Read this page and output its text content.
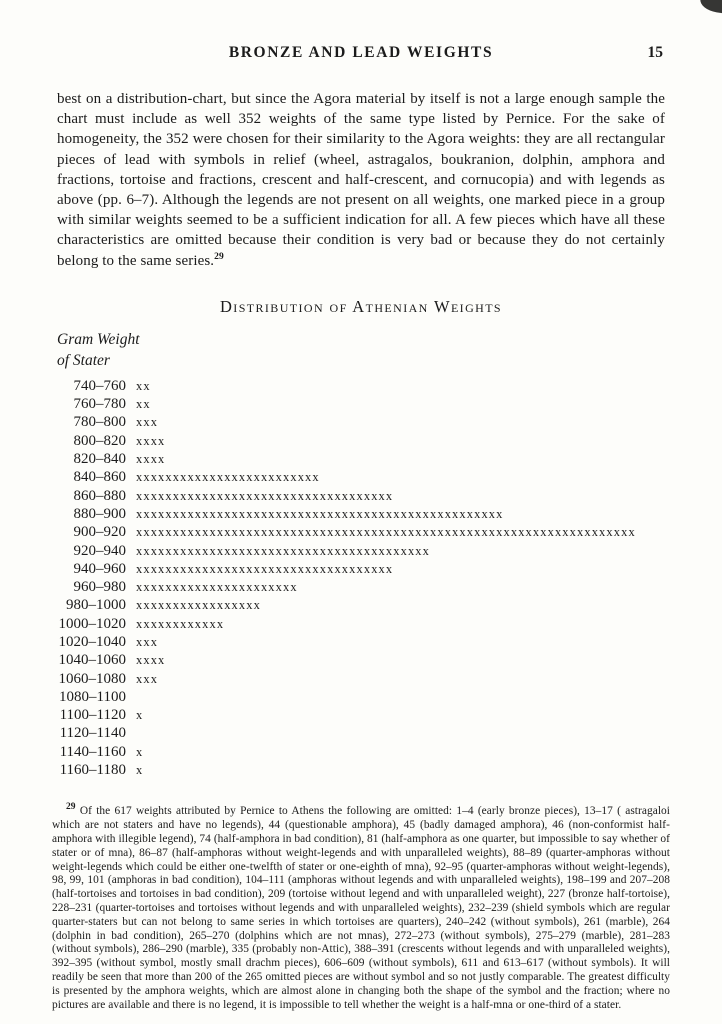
BRONZE AND LEAD WEIGHTS	15

best on a distribution-chart, but since the Agora material by itself is not a large enough sample the chart must include as well 352 weights of the same type listed by Pernice. For the sake of homogeneity, the 352 were chosen for their similarity to the Agora weights: they are all rectangular pieces of lead with symbols in relief (wheel, astragalos, boukranion, dolphin, amphora and fractions, tortoise and fractions, crescent and half-crescent, and cornucopia) and with legends as above (pp. 6–7). Although the legends are not present on all weights, one marked piece in a group with similar weights seemed to be a sufficient indication for all. A few pieces which have all these characteristics are omitted because their condition is very bad or because they do not certainly belong to the same series.$^{29}$

Distribution of Athenian Weights
Gram Weight
of Stater
740–760 xx
760–780 xx
780–800 xxx
800–820 xxxx
820–840 xxxx
840–860 xxxxxxxxxxxxxxxxxxxxxxxxx
860–880 xxxxxxxxxxxxxxxxxxxxxxxxxxxxxxxxxxx
880–900 xxxxxxxxxxxxxxxxxxxxxxxxxxxxxxxxxxxxxxxxxxxxxxxxxx
900–920 xxxxxxxxxxxxxxxxxxxxxxxxxxxxxxxxxxxxxxxxxxxxxxxxxxxxxxxxxxxxxxxxxxxx
920–940 xxxxxxxxxxxxxxxxxxxxxxxxxxxxxxxxxxxxxxxx
940–960 xxxxxxxxxxxxxxxxxxxxxxxxxxxxxxxxxxx
960–980 xxxxxxxxxxxxxxxxxxxxxx
980–1000 xxxxxxxxxxxxxxxxx
1000–1020 xxxxxxxxxxxx
1020–1040 xxx
1040–1060 xxxx
1060–1080 xxx
1080–1100
1100–1120 x
1120–1140
1140–1160 x
1160–1180 x

$^{29}$ Of the 617 weights attributed by Pernice to Athens the following are omitted: 1–4 (early bronze pieces), 13–17 ( astragaloi which are not staters and have no legends), 44 (questionable amphora), 45 (badly damaged amphora), 46 (non-conformist half-amphora with illegible legend), 74 (half-amphora in bad condition), 81 (half-amphora as one quarter, but impossible to say whether of stater or of mna), 86–87 (half-amphoras without weight-legends and with unparalleled weights), 88–89 (quarter-amphoras without weight-legends which could be either one-twelfth of stater or one-eighth of mna), 92–95 (quarter-amphoras without weight-legends), 98, 99, 101 (amphoras in bad condition), 104–111 (amphoras without legends and with unparalleled weights), 198–199 and 207–208 (half-tortoises and tortoises in bad condition), 209 (tortoise without legend and with unparalleled weight), 227 (bronze half-tortoise), 228–231 (quarter-tortoises and tortoises without legends and with unparalleled weights), 232–239 (shield symbols which are regular quarter-staters but can not belong to same series in which tortoises are quarters), 240–242 (without symbols), 261 (marble), 264 (dolphin in bad condition), 265–270 (dolphins which are not mnas), 272–273 (without symbols), 275–279 (marble), 281–283 (without symbols), 286–290 (marble), 335 (probably non-Attic), 388–391 (crescents without legends and with unparalleled weights), 392–395 (without symbol, mostly small drachm pieces), 606–609 (without symbols), 611 and 613–617 (without symbols). It will readily be seen that more than 200 of the 265 omitted pieces are without symbol and so not justly comparable. The greatest difficulty is presented by the amphora weights, which are almost alone in changing both the shape of the symbol and the fraction; where no pictures are available and there is no legend, it is impossible to tell whether the weight is a half-mna or one-third of a stater.
